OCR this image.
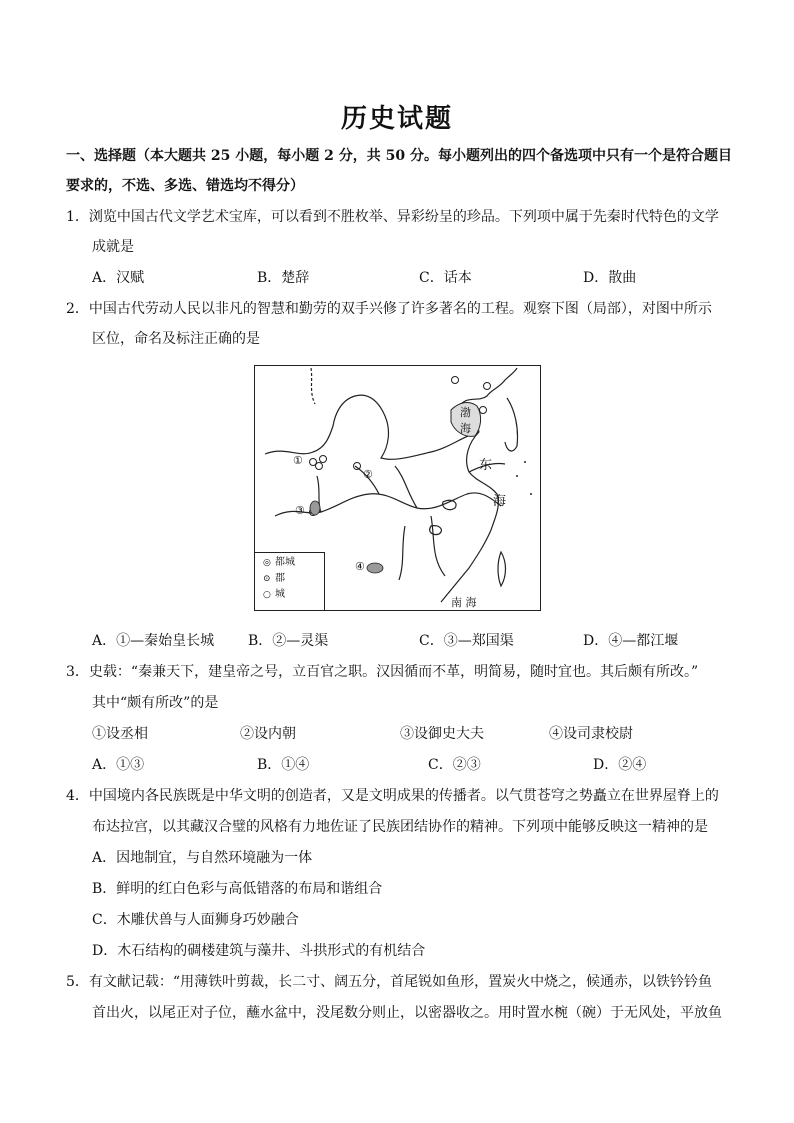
历史试题
一、选择题（本大题共 25 小题，每小题 2 分，共 50 分。每小题列出的四个备选项中只有一个是符合题目
要求的，不选、多选、错选均不得分）
1．浏览中国古代文学艺术宝库，可以看到不胜枚举、异彩纷呈的珍品。下列项中属于先秦时代特色的文学
成就是
A．汉赋	B．楚辞	C．话本	D．散曲
2．中国古代劳动人民以非凡的智慧和勤劳的双手兴修了许多著名的工程。观察下图（局部），对图中所示
区位，命名及标注正确的是
①
②
③
④
渤
海
东
海
南 海
◎ 都城
⊙ 郡
○ 城
A．①—秦始皇长城 B．②—灵渠	C．③—郑国渠	D．④—都江堰
3．史载：“秦兼天下，建皇帝之号，立百官之职。汉因循而不革，明简易，随时宜也。其后颇有所改。”
其中“颇有所改”的是
①设丞相	②设内朝	③设御史大夫	④设司隶校尉
A．①③	B．①④	C．②③	D．②④
4．中国境内各民族既是中华文明的创造者，又是文明成果的传播者。以气贯苍穹之势矗立在世界屋脊上的
布达拉宫，以其藏汉合璧的风格有力地佐证了民族团结协作的精神。下列项中能够反映这一精神的是
A．因地制宜，与自然环境融为一体
B．鲜明的红白色彩与高低错落的布局和谐组合
C．木雕伏兽与人面狮身巧妙融合
D．木石结构的碉楼建筑与藻井、斗拱形式的有机结合
5．有文献记载：“用薄铁叶剪裁，长二寸、阔五分，首尾锐如鱼形，置炭火中烧之，候通赤，以铁钤钤鱼
首出火，以尾正对子位，蘸水盆中，没尾数分则止，以密器收之。用时置水椀（碗）于无风处，平放鱼
